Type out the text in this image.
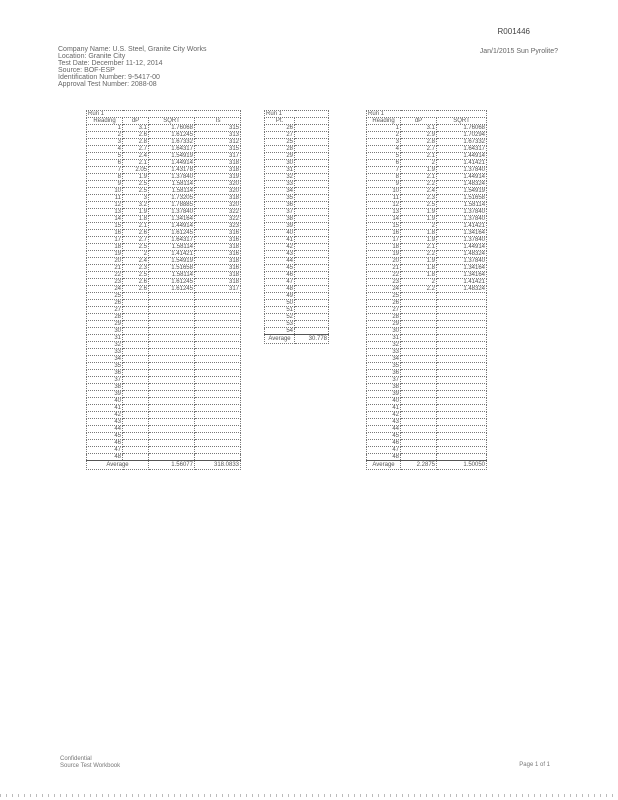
R001446
Jan/1/2015 Sun Pyrolite?
Company Name: U.S. Steel, Granite City Works
Location: Granite City
Test Date: December 11-12, 2014
Source: BOF-ESP
Identification Number: 9-5417-00
Approval Test Number: 2088-08
Run 1			
Reading	dP	SQRT	Ts
1	3.1	1.76068	315
2	2.6	1.61245	313
3	2.8	1.67332	312
4	2.7	1.64317	315
5	2.4	1.54919	317
6	2.1	1.44914	318
7	2.05	1.43178	318
8	1.9	1.37840	319
9	2.5	1.58114	320
10	2.5	1.58114	320
11	3	1.73205	318
12	3.2	1.78885	320
13	1.9	1.37840	322
14	1.8	1.34164	322
15	2.1	1.44914	323
16	2.6	1.61245	316
17	2.7	1.64317	316
18	2.5	1.58114	318
19	2	1.41421	316
20	2.4	1.54919	318
21	2.3	1.51658	316
22	2.5	1.58114	318
23	2.6	1.61245	318
24	2.6	1.61245	317
25			
26			
27			
28			
29			
30			
31			
32			
33			
34			
35			
36			
37			
38			
39			
40			
41			
42			
43			
44			
45			
46			
47			
48			
Average		1.56077	318.0833
Run 1	
Pt.	
26	
27	
25	
28	
29	
30	
31	
32	
33	
34	
35	
36	
37	
38	
39	
40	
41	
42	
43	
44	
45	
46	
47	
48	
49	
50	
51	
52	
53	
54	
Average	30.778
Run 1		
Reading	dP	SQRT
1	3.1	1.76068
2	2.9	1.70294
3	2.8	1.67332
4	2.7	1.64317
5	2.1	1.44914
6	2	1.41421
7	1.9	1.37840
8	2.1	1.44914
9	2.2	1.48324
10	2.4	1.54919
11	2.3	1.51658
12	2.5	1.58114
13	1.9	1.37840
14	1.9	1.37840
15	2	1.41421
16	1.8	1.34164
17	1.9	1.37840
18	2.1	1.44914
19	2.2	1.48324
20	1.9	1.37840
21	1.8	1.34164
22	1.8	1.34164
23	2	1.41421
24	2.2	1.48324
25		
26		
27		
28		
29		
30		
31		
32		
33		
34		
35		
36		
37		
38		
39		
40		
41		
42		
43		
44		
45		
46		
47		
48		
Average	2.2875	1.50050
Confidential
Source Test Workbook	Page 1 of 1
